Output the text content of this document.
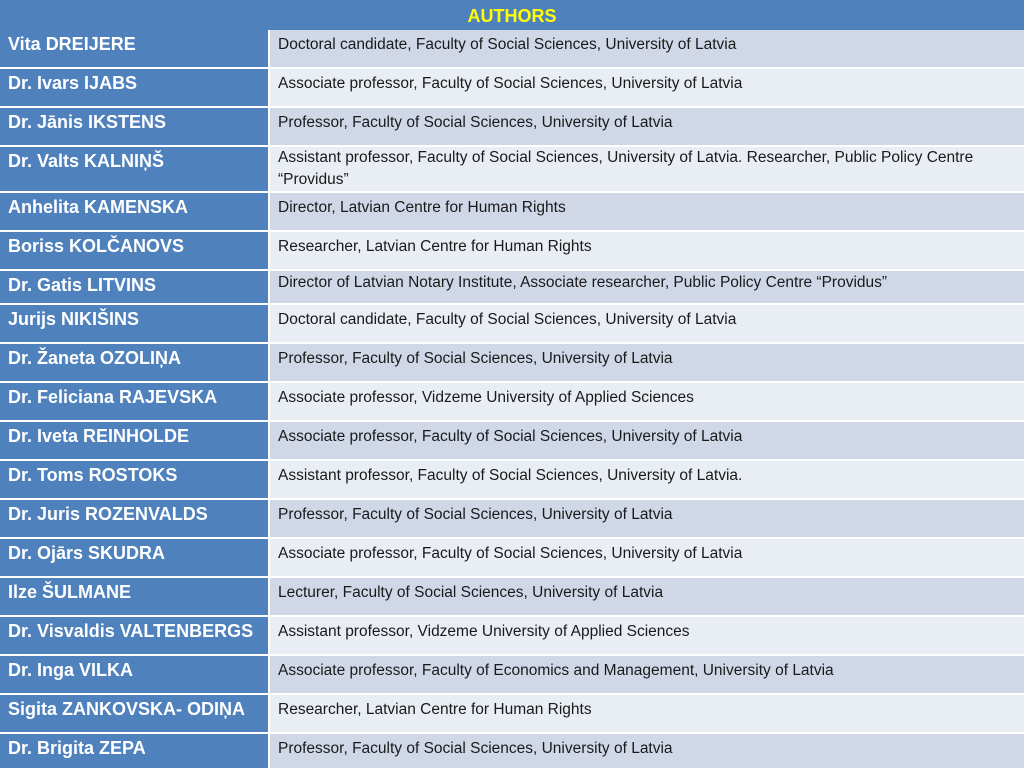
AUTHORS
Vita DREIJERE	Doctoral candidate, Faculty of Social Sciences, University of Latvia
Dr. Ivars IJABS	Associate professor, Faculty of Social Sciences, University of Latvia
Dr. Jānis IKSTENS	Professor, Faculty of Social Sciences, University of Latvia
Dr. Valts KALNIŅŠ	Assistant professor, Faculty of Social Sciences, University of Latvia. Researcher, Public Policy Centre “Providus”
Anhelita KAMENSKA	Director, Latvian Centre for Human Rights
Boriss KOLČANOVS	Researcher, Latvian Centre for Human Rights
Dr. Gatis LITVINS	Director of Latvian Notary Institute, Associate researcher, Public Policy Centre “Providus”
Jurijs NIKIŠINS	Doctoral candidate, Faculty of Social Sciences, University of Latvia
Dr. Žaneta OZOLIŅA	Professor, Faculty of Social Sciences, University of Latvia
Dr. Feliciana RAJEVSKA	Associate professor, Vidzeme University of Applied Sciences
Dr. Iveta REINHOLDE	Associate professor, Faculty of Social Sciences, University of Latvia
Dr. Toms ROSTOKS	Assistant professor, Faculty of Social Sciences, University of Latvia.
Dr. Juris ROZENVALDS	Professor, Faculty of Social Sciences, University of Latvia
Dr. Ojārs SKUDRA	Associate professor, Faculty of Social Sciences, University of Latvia
Ilze ŠULMANE	Lecturer, Faculty of Social Sciences, University of Latvia
Dr. Visvaldis VALTENBERGS	Assistant professor, Vidzeme University of Applied Sciences
Dr. Inga VILKA	Associate professor, Faculty of Economics and Management, University of Latvia
Sigita ZANKOVSKA- ODIŅA	Researcher, Latvian Centre for Human Rights
Dr. Brigita ZEPA	Professor, Faculty of Social Sciences, University of Latvia
